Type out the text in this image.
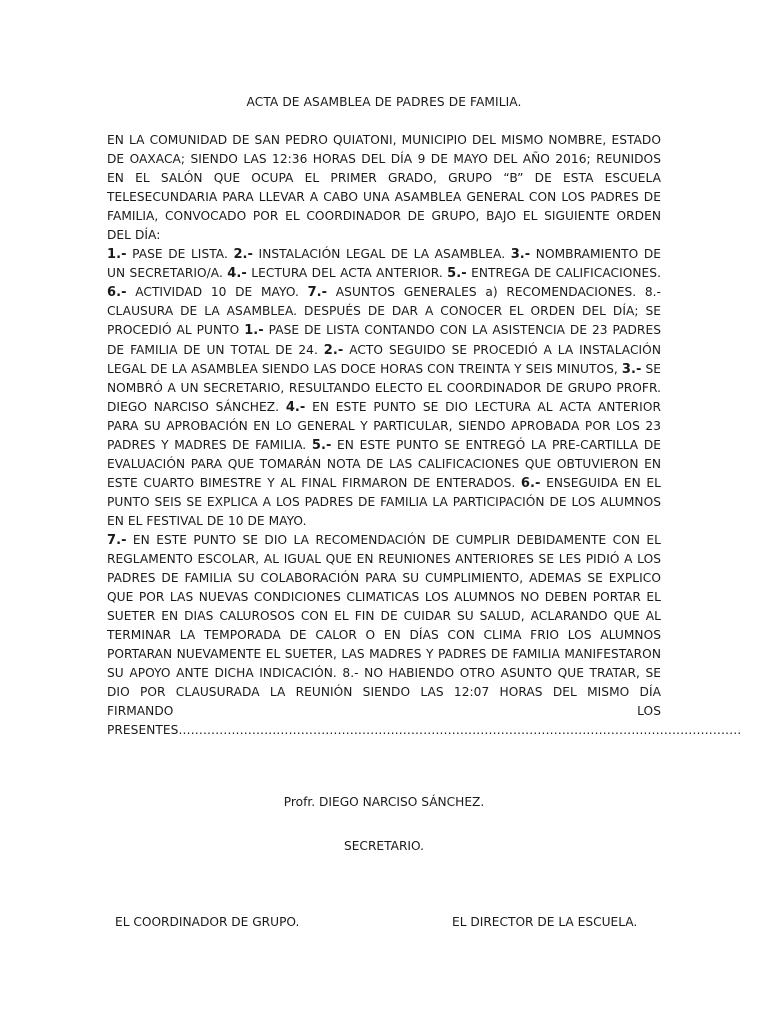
ACTA DE ASAMBLEA DE PADRES DE FAMILIA.

EN LA COMUNIDAD DE SAN PEDRO QUIATONI, MUNICIPIO DEL MISMO NOMBRE, ESTADO DE OAXACA; SIENDO LAS 12:36 HORAS DEL DÍA 9 DE MAYO DEL AÑO 2016; REUNIDOS EN EL SALÓN QUE OCUPA EL PRIMER GRADO, GRUPO “B” DE ESTA ESCUELA TELESECUNDARIA PARA LLEVAR A CABO UNA ASAMBLEA GENERAL CON LOS PADRES DE FAMILIA, CONVOCADO POR EL COORDINADOR DE GRUPO, BAJO EL SIGUIENTE ORDEN DEL DÍA:

1.- PASE DE LISTA. 2.- INSTALACIÓN LEGAL DE LA ASAMBLEA. 3.- NOMBRAMIENTO DE UN SECRETARIO/A. 4.- LECTURA DEL ACTA ANTERIOR. 5.- ENTREGA DE CALIFICACIONES. 6.- ACTIVIDAD 10 DE MAYO. 7.- ASUNTOS GENERALES a) RECOMENDACIONES. 8.- CLAUSURA DE LA ASAMBLEA. DESPUÉS DE DAR A CONOCER EL ORDEN DEL DÍA; SE PROCEDIÓ AL PUNTO 1.- PASE DE LISTA CONTANDO CON LA ASISTENCIA DE 23 PADRES DE FAMILIA DE UN TOTAL DE 24. 2.- ACTO SEGUIDO SE PROCEDIÓ A LA INSTALACIÓN LEGAL DE LA ASAMBLEA SIENDO LAS DOCE HORAS CON TREINTA Y SEIS MINUTOS, 3.- SE NOMBRÓ A UN SECRETARIO, RESULTANDO ELECTO EL COORDINADOR DE GRUPO PROFR. DIEGO NARCISO SÁNCHEZ. 4.- EN ESTE PUNTO SE DIO LECTURA AL ACTA ANTERIOR PARA SU APROBACIÓN EN LO GENERAL Y PARTICULAR, SIENDO APROBADA POR LOS 23 PADRES Y MADRES DE FAMILIA. 5.- EN ESTE PUNTO SE ENTREGÓ LA PRE-CARTILLA DE EVALUACIÓN PARA QUE TOMARÁN NOTA DE LAS CALIFICACIONES QUE OBTUVIERON EN ESTE CUARTO BIMESTRE Y AL FINAL FIRMARON DE ENTERADOS. 6.- ENSEGUIDA EN EL PUNTO SEIS SE EXPLICA A LOS PADRES DE FAMILIA LA PARTICIPACIÓN DE LOS ALUMNOS EN EL FESTIVAL DE 10 DE MAYO.

7.- EN ESTE PUNTO SE DIO LA RECOMENDACIÓN DE CUMPLIR DEBIDAMENTE CON EL REGLAMENTO ESCOLAR, AL IGUAL QUE EN REUNIONES ANTERIORES SE LES PIDIÓ A LOS PADRES DE FAMILIA SU COLABORACIÓN PARA SU CUMPLIMIENTO, ADEMAS SE EXPLICO QUE POR LAS NUEVAS CONDICIONES CLIMATICAS LOS ALUMNOS NO DEBEN PORTAR EL SUETER EN DIAS CALUROSOS CON EL FIN DE CUIDAR SU SALUD, ACLARANDO QUE AL TERMINAR LA TEMPORADA DE CALOR O EN DÍAS CON CLIMA FRIO LOS ALUMNOS PORTARAN NUEVAMENTE EL SUETER, LAS MADRES Y PADRES DE FAMILIA MANIFESTARON SU APOYO ANTE DICHA INDICACIÓN. 8.- NO HABIENDO OTRO ASUNTO QUE TRATAR, SE DIO POR CLAUSURADA LA REUNIÓN SIENDO LAS 12:07 HORAS DEL MISMO DÍA FIRMANDO LOS

PRESENTES…………………………………………………………………………………………………………………………
Profr. DIEGO NARCISO SÁNCHEZ.
SECRETARIO.
EL COORDINADOR DE GRUPO.	EL DIRECTOR DE LA ESCUELA.
